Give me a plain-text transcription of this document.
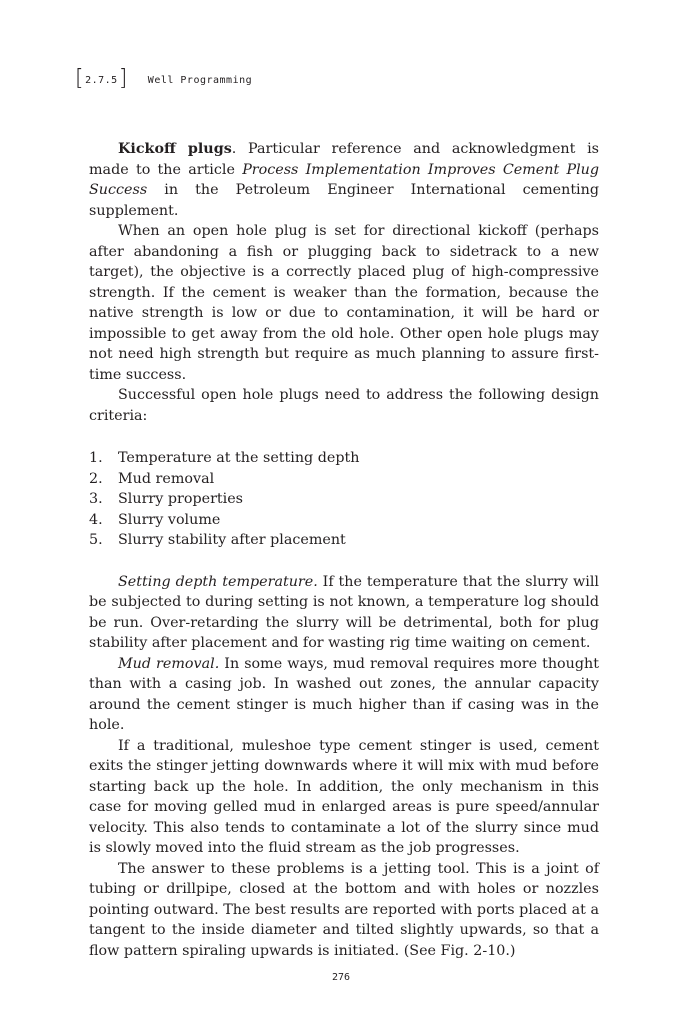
[ 2.7.5 ] Well Programming

Kickoff plugs. Particular reference and acknowledgment is made to the article Process Implementation Improves Cement Plug Success in the Petroleum Engineer International cementing supplement.

When an open hole plug is set for directional kickoff (perhaps after abandoning a fish or plugging back to sidetrack to a new target), the objective is a correctly placed plug of high-compressive strength. If the cement is weaker than the formation, because the native strength is low or due to contamination, it will be hard or impossible to get away from the old hole. Other open hole plugs may not need high strength but require as much planning to assure first-time success.

Successful open hole plugs need to address the following design criteria:

1.	Temperature at the setting depth
2.	Mud removal
3.	Slurry properties
4.	Slurry volume
5.	Slurry stability after placement

Setting depth temperature. If the temperature that the slurry will be subjected to during setting is not known, a temperature log should be run. Over-retarding the slurry will be detrimental, both for plug stability after placement and for wasting rig time waiting on cement.

Mud removal. In some ways, mud removal requires more thought than with a casing job. In washed out zones, the annular capacity around the cement stinger is much higher than if casing was in the hole.

If a traditional, muleshoe type cement stinger is used, cement exits the stinger jetting downwards where it will mix with mud before starting back up the hole. In addition, the only mechanism in this case for moving gelled mud in enlarged areas is pure speed/annular velocity. This also tends to contaminate a lot of the slurry since mud is slowly moved into the fluid stream as the job progresses.

The answer to these problems is a jetting tool. This is a joint of tubing or drillpipe, closed at the bottom and with holes or nozzles pointing outward. The best results are reported with ports placed at a tangent to the inside diameter and tilted slightly upwards, so that a flow pattern spiraling upwards is initiated. (See Fig. 2-10.)

276
